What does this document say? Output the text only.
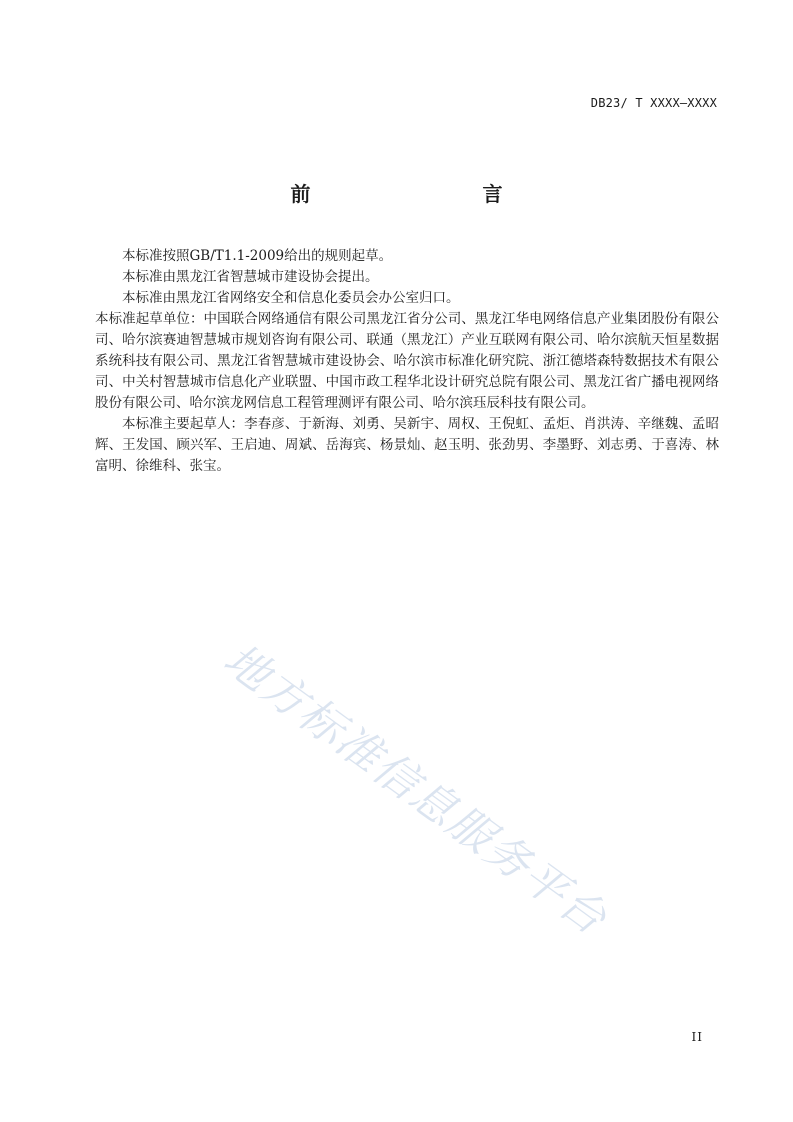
DB23/ T XXXX—XXXX
前　　言

本标准按照GB/T1.1-2009给出的规则起草。

本标准由黑龙江省智慧城市建设协会提出。

本标准由黑龙江省网络安全和信息化委员会办公室归口。

本标准起草单位：中国联合网络通信有限公司黑龙江省分公司、黑龙江华电网络信息产业集团股份有限公司、哈尔滨赛迪智慧城市规划咨询有限公司、联通（黑龙江）产业互联网有限公司、哈尔滨航天恒星数据系统科技有限公司、黑龙江省智慧城市建设协会、哈尔滨市标准化研究院、浙江德塔森特数据技术有限公司、中关村智慧城市信息化产业联盟、中国市政工程华北设计研究总院有限公司、黑龙江省广播电视网络股份有限公司、哈尔滨龙网信息工程管理测评有限公司、哈尔滨珏辰科技有限公司。

本标准主要起草人：李春彦、于新海、刘勇、吴新宇、周权、王倪虹、孟炬、肖洪涛、辛继魏、孟昭辉、王发国、顾兴军、王启迪、周斌、岳海宾、杨景灿、赵玉明、张劲男、李墨野、刘志勇、于喜涛、林富明、徐维科、张宝。

地方标准信息服务平台
II
